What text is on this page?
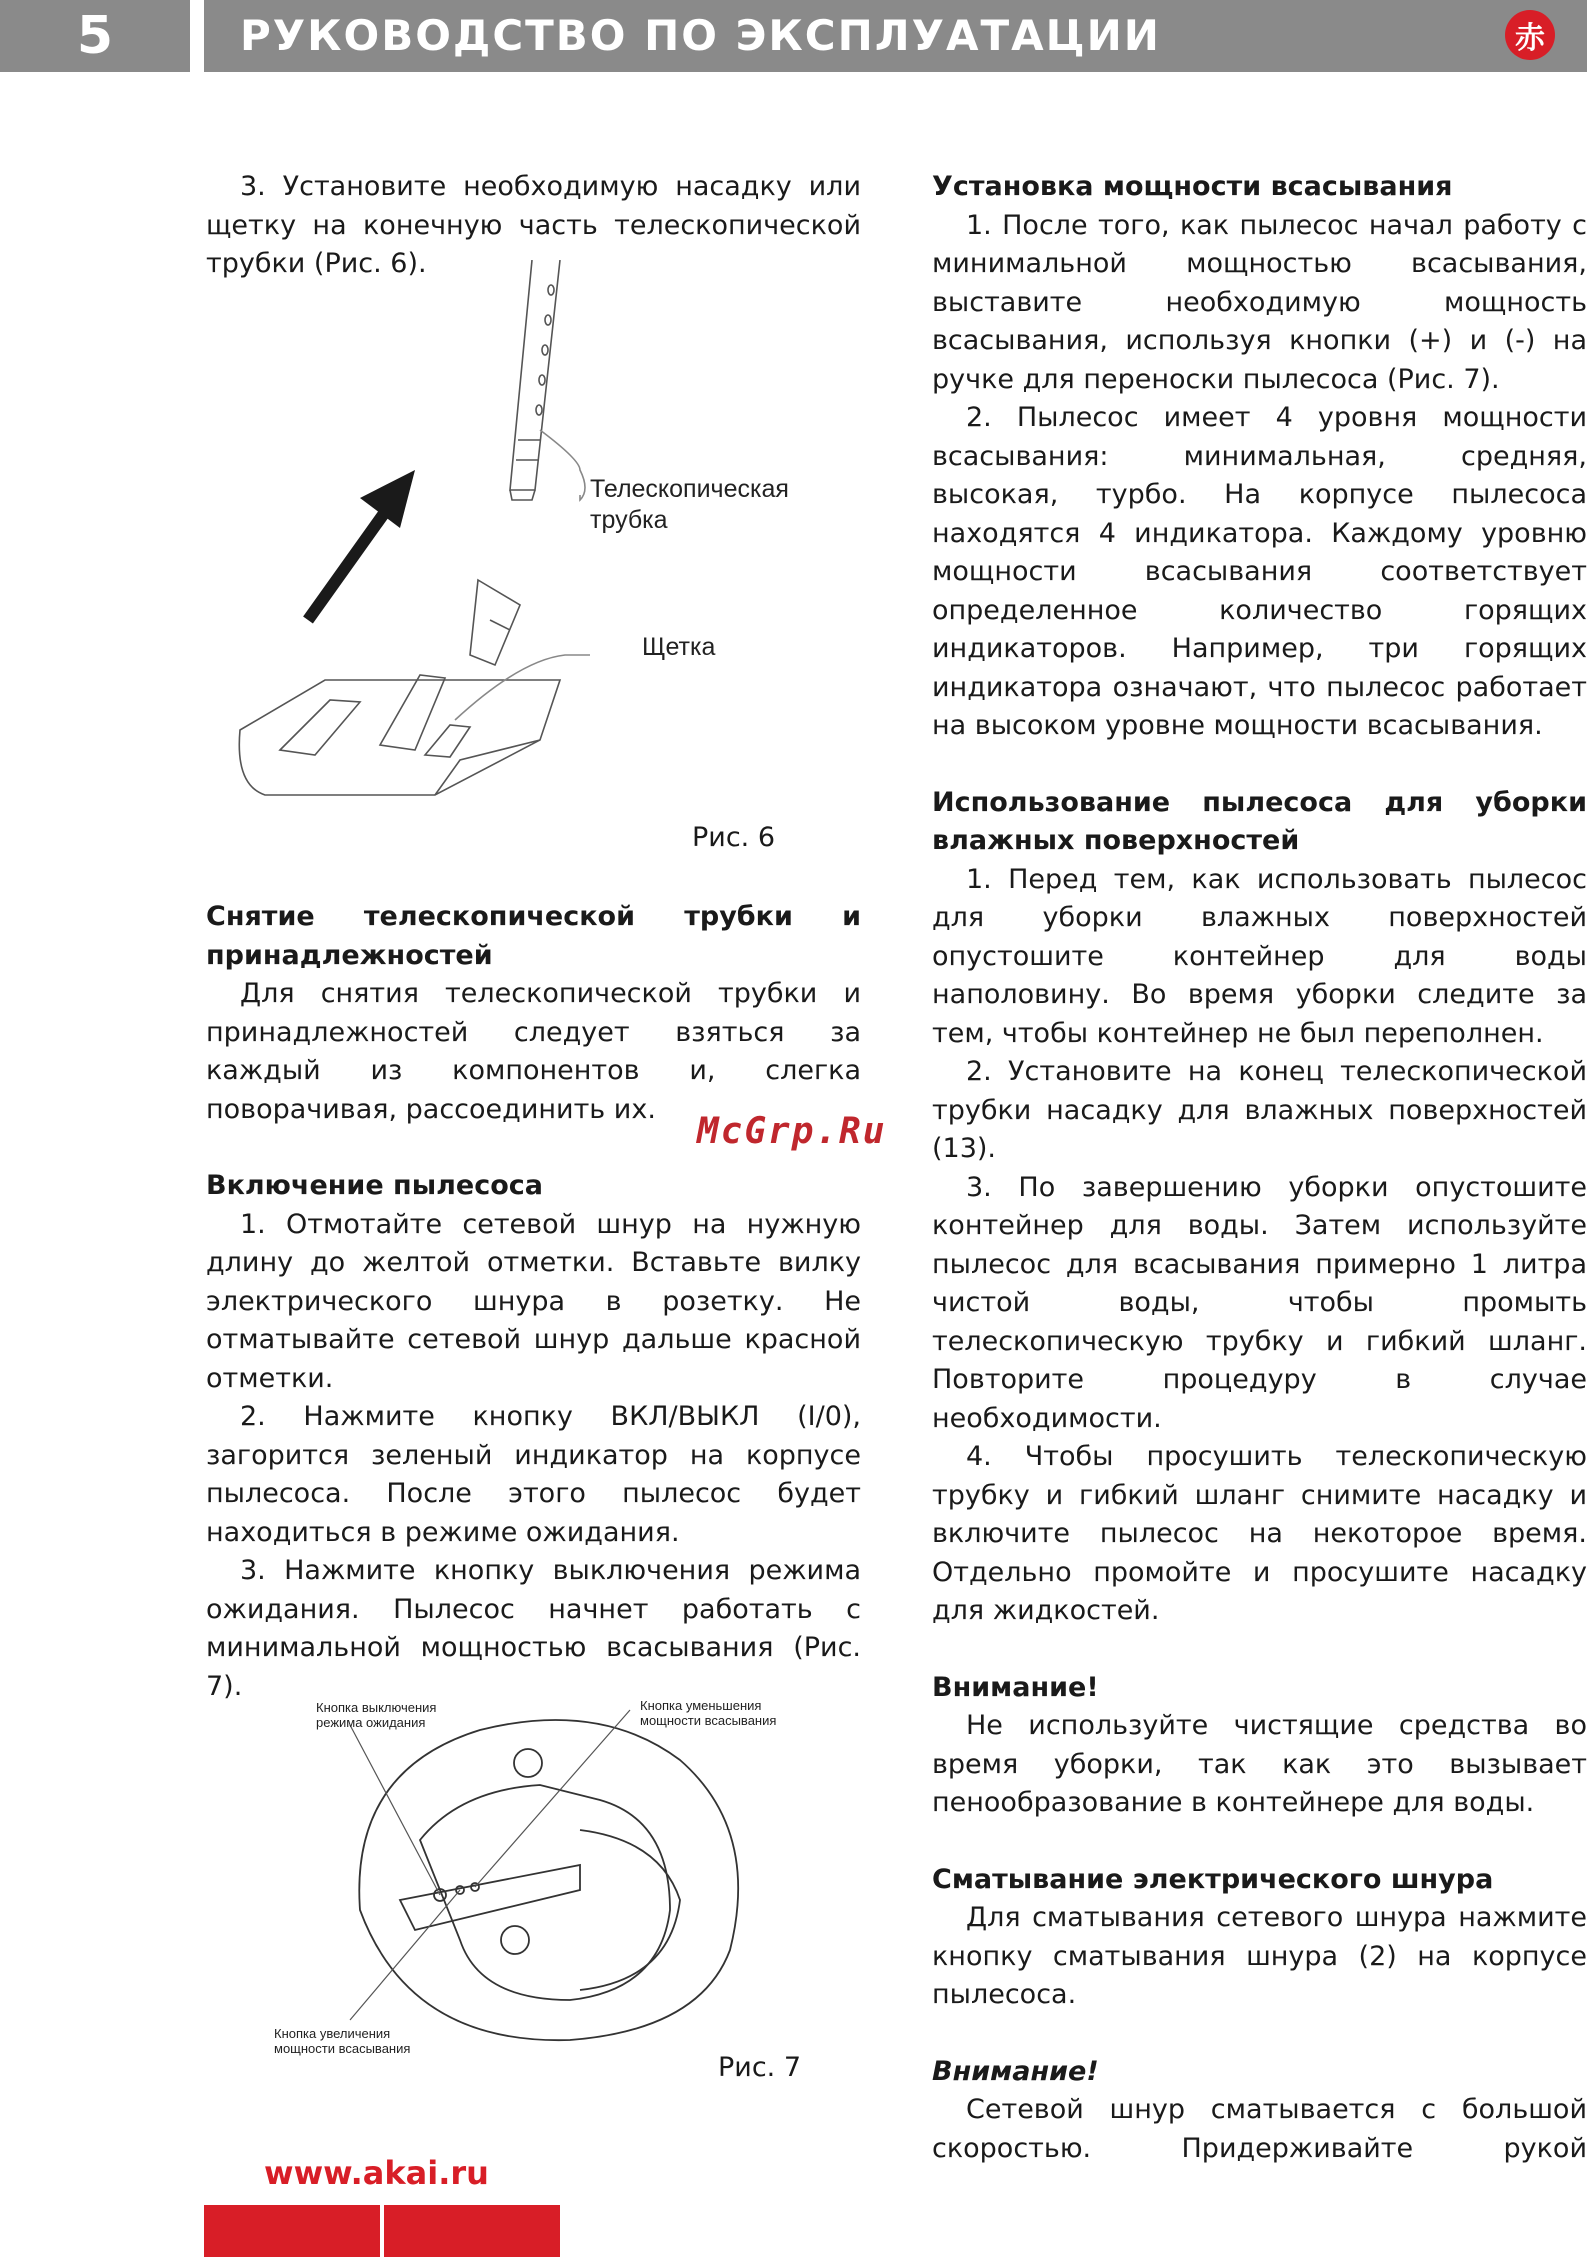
5	РУКОВОДСТВО ПО ЭКСПЛУАТАЦИИ	赤

3. Установите необходимую насадку или щетку на конечную часть телескопической трубки (Рис. 6).

Телескопическая трубка
Щетка
Рис. 6
Снятие телескопической трубки и принадлежностей

Для снятия телескопической трубки и принадлежностей следует взяться за каждый из компонентов и, слегка поворачивая, рассоединить их.

Включение пылесоса

1. Отмотайте сетевой шнур на нужную длину до желтой отметки. Вставьте вилку электрического шнура в розетку. Не отматывайте сетевой шнур дальше красной отметки.

2. Нажмите кнопку ВКЛ/ВЫКЛ (I/0), загорится зеленый индикатор на корпусе пылесоса. После этого пылесос будет находиться в режиме ожидания.

3. Нажмите кнопку выключения режима ожидания. Пылесос начнет работать с минимальной мощностью всасывания (Рис. 7).

Кнопка выключения режима ожидания
Кнопка уменьшения мощности всасывания
Кнопка увеличения мощности всасывания
Рис. 7
Установка мощности всасывания

1. После того, как пылесос начал работу с минимальной мощностью всасывания, выставите необходимую мощность всасывания, используя кнопки (+) и (-) на ручке для переноски пылесоса (Рис. 7).

2. Пылесос имеет 4 уровня мощности всасывания: минимальная, средняя, высокая, турбо. На корпусе пылесоса находятся 4 индикатора. Каждому уровню мощности всасывания соответствует определенное количество горящих индикаторов. Например, три горящих индикатора означают, что пылесос работает на высоком уровне мощности всасывания.

Использование пылесоса для уборки влажных поверхностей

1. Перед тем, как использовать пылесос для уборки влажных поверхностей опустошите контейнер для воды наполовину. Во время уборки следите за тем, чтобы контейнер не был переполнен.

2. Установите на конец телескопической трубки насадку для влажных поверхностей (13).

3. По завершению уборки опустошите контейнер для воды. Затем используйте пылесос для всасывания примерно 1 литра чистой воды, чтобы промыть телескопическую трубку и гибкий шланг. Повторите процедуру в случае необходимости.

4. Чтобы просушить телескопическую трубку и гибкий шланг снимите насадку и включите пылесос на некоторое время. Отдельно промойте и просушите насадку для жидкостей.

Внимание!

Не используйте чистящие средства во время уборки, так как это вызывает пенообразование в контейнере для воды.

Сматывание электрического шнура

Для сматывания сетевого шнура нажмите кнопку сматывания шнура (2) на корпусе пылесоса.

Внимание!

Сетевой шнур сматывается с большой скоростью. Придерживайте рукой

McGrp.Ru
www.akai.ru
